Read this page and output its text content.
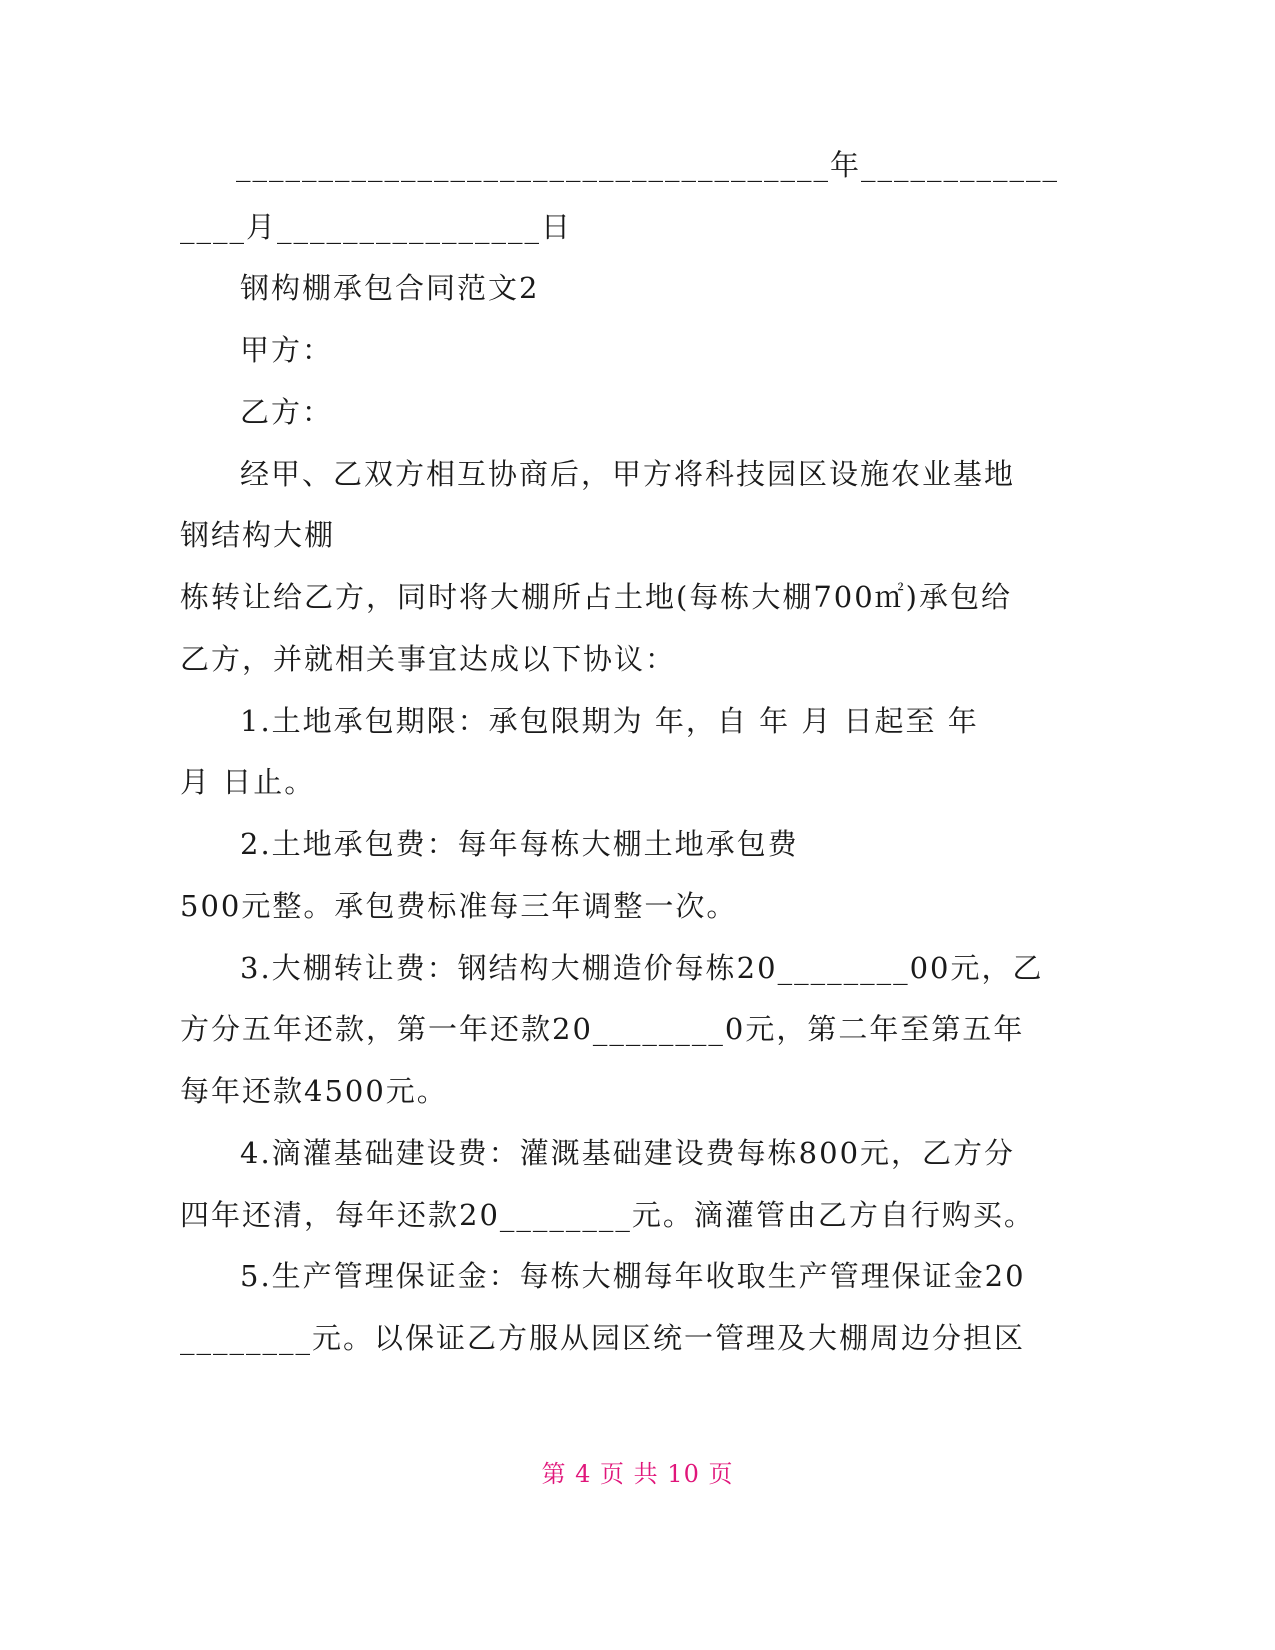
____________________________________年____________
____月________________日
钢构棚承包合同范文2
甲方：
乙方：
经甲、乙双方相互协商后，甲方将科技园区设施农业基地
钢结构大棚
栋转让给乙方，同时将大棚所占土地(每栋大棚700㎡)承包给
乙方，并就相关事宜达成以下协议：
1.土地承包期限：承包限期为 年，自 年 月 日起至 年
月 日止。
2.土地承包费：每年每栋大棚土地承包费
500元整。承包费标准每三年调整一次。
3.大棚转让费：钢结构大棚造价每栋20________00元，乙
方分五年还款，第一年还款20________0元，第二年至第五年
每年还款4500元。
4.滴灌基础建设费：灌溉基础建设费每栋800元，乙方分
四年还清，每年还款20________元。滴灌管由乙方自行购买。
5.生产管理保证金：每栋大棚每年收取生产管理保证金20
________元。以保证乙方服从园区统一管理及大棚周边分担区
第 4 页 共 10 页
